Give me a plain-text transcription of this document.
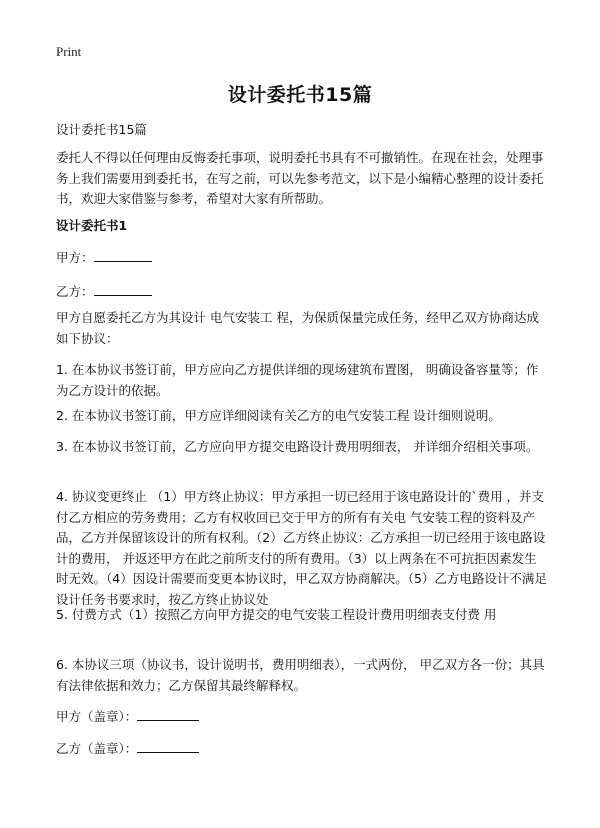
Print
设计委托书15篇

设计委托书15篇

委托人不得以任何理由反悔委托事项，说明委托书具有不可撤销性。在现在社会，处理事务上我们需要用到委托书，在写之前，可以先参考范文，以下是小编精心整理的设计委托书，欢迎大家借鉴与参考，希望对大家有所帮助。

设计委托书1

甲方：

乙方：

甲方自愿委托乙方为其设计 电气安装工 程，为保质保量完成任务，经甲乙双方协商达成如下协议：

1. 在本协议书签订前，甲方应向乙方提供详细的现场建筑布置图， 明确设备容量等；作为乙方设计的依据。

2. 在本协议书签订前，甲方应详细阅读有关乙方的电气安装工程 设计细则说明。

3. 在本协议书签订前，乙方应向甲方提交电路设计费用明细表， 并详细介绍相关事项。

4. 协议变更终止 （1）甲方终止协议：甲方承担一切已经用于该电路设计的`费用 ，并支付乙方相应的劳务费用；乙方有权收回已交于甲方的所有有关电 气安装工程的资料及产品，乙方并保留该设计的所有权利。（2）乙方终止协议：乙方承担一切已经用于该电路设计的费用， 并返还甲方在此之前所支付的所有费用。（3）以上两条在不可抗拒因素发生时无效。（4）因设计需要而变更本协议时，甲乙双方协商解决。（5）乙方电路设计不满足设计任务书要求时，按乙方终止协议处

5. 付费方式（1）按照乙方向甲方提交的电气安装工程设计费用明细表支付费 用

6. 本协议三项（协议书，设计说明书，费用明细表），一式两份， 甲乙双方各一份；其具有法律依据和效力；乙方保留其最终解释权。

甲方（盖章）：

乙方（盖章）：
